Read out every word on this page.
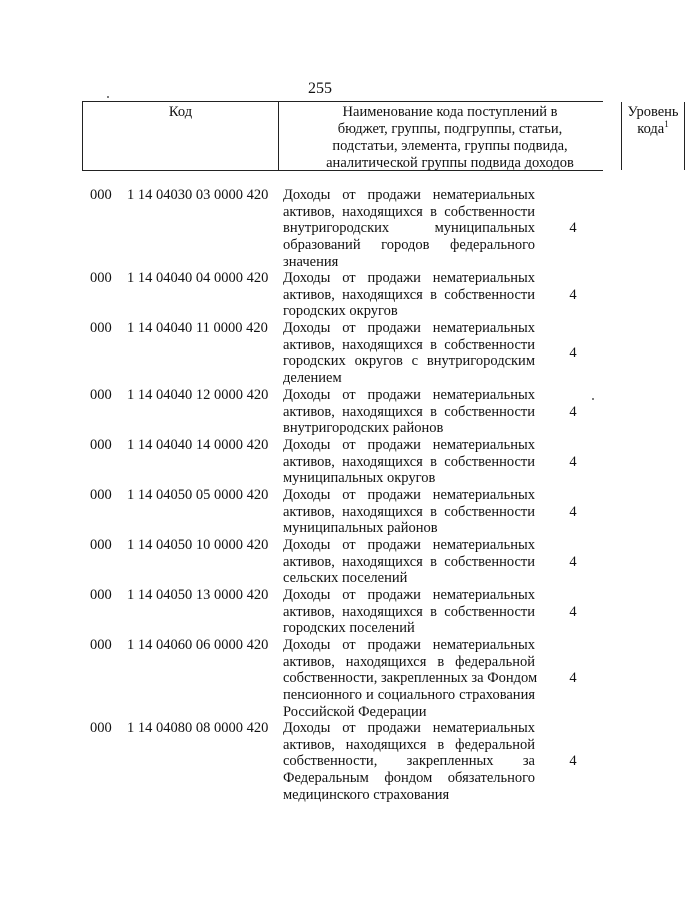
255
Код	Наименование кода поступлений в
бюджет, группы, подгруппы, статьи,
подстатьи, элемента, группы подвида,
аналитической группы подвида доходов
Уровень
кода$^1$
000 1 14 04030 03 0000 420 Доходы от продажи нематериальных
активов, находящихся в собственности
внутригородских муниципальных
образований городов федерального
значения
4
000 1 14 04040 04 0000 420 Доходы от продажи нематериальных
активов, находящихся в собственности
городских округов
4
000 1 14 04040 11 0000 420 Доходы от продажи нематериальных
активов, находящихся в собственности
городских округов с внутригородским
делением
4
000 1 14 04040 12 0000 420 Доходы от продажи нематериальных
активов, находящихся в собственности
внутригородских районов
4
000 1 14 04040 14 0000 420 Доходы от продажи нематериальных
активов, находящихся в собственности
муниципальных округов
4
000 1 14 04050 05 0000 420 Доходы от продажи нематериальных
активов, находящихся в собственности
муниципальных районов
4
000 1 14 04050 10 0000 420 Доходы от продажи нематериальных
активов, находящихся в собственности
сельских поселений
4
000 1 14 04050 13 0000 420 Доходы от продажи нематериальных
активов, находящихся в собственности
городских поселений
4
000 1 14 04060 06 0000 420 Доходы от продажи нематериальных
активов, находящихся в федеральной
собственности, закрепленных за Фондом
пенсионного и социального страхования
Российской Федерации
4
000 1 14 04080 08 0000 420 Доходы от продажи нематериальных
активов, находящихся в федеральной
собственности, закрепленных за
Федеральным фондом обязательного
медицинского страхования
4
